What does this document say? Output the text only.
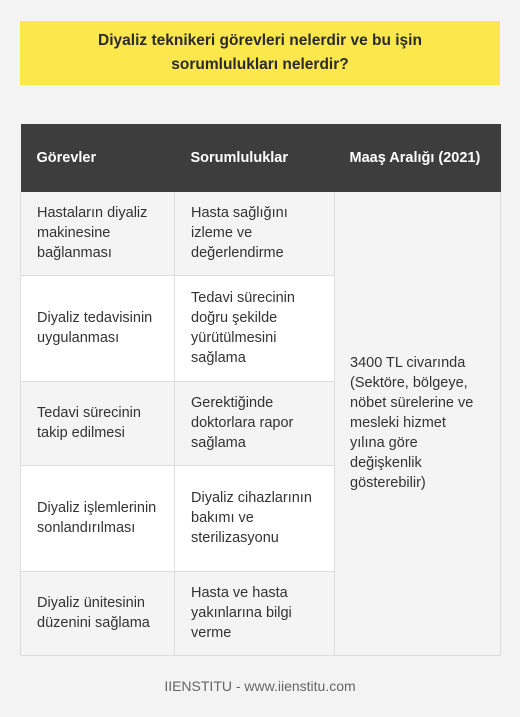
Diyaliz teknikeri görevleri nelerdir ve bu işin sorumlulukları nelerdir?
Görevler	Sorumluluklar	Maaş Aralığı (2021)
Hastaların diyaliz makinesine bağlanması	Hasta sağlığını izleme ve değerlendirme	3400 TL civarında (Sektöre, bölgeye, nöbet sürelerine ve mesleki hizmet yılına göre değişkenlik gösterebilir)
Diyaliz tedavisinin uygulanması	Tedavi sürecinin doğru şekilde yürütülmesini sağlama	
Tedavi sürecinin takip edilmesi	Gerektiğinde doktorlara rapor sağlama	
Diyaliz işlemlerinin sonlandırılması	Diyaliz cihazlarının bakımı ve sterilizasyonu	
Diyaliz ünitesinin düzenini sağlama	Hasta ve hasta yakınlarına bilgi verme	
IIENSTITU - www.iienstitu.com
